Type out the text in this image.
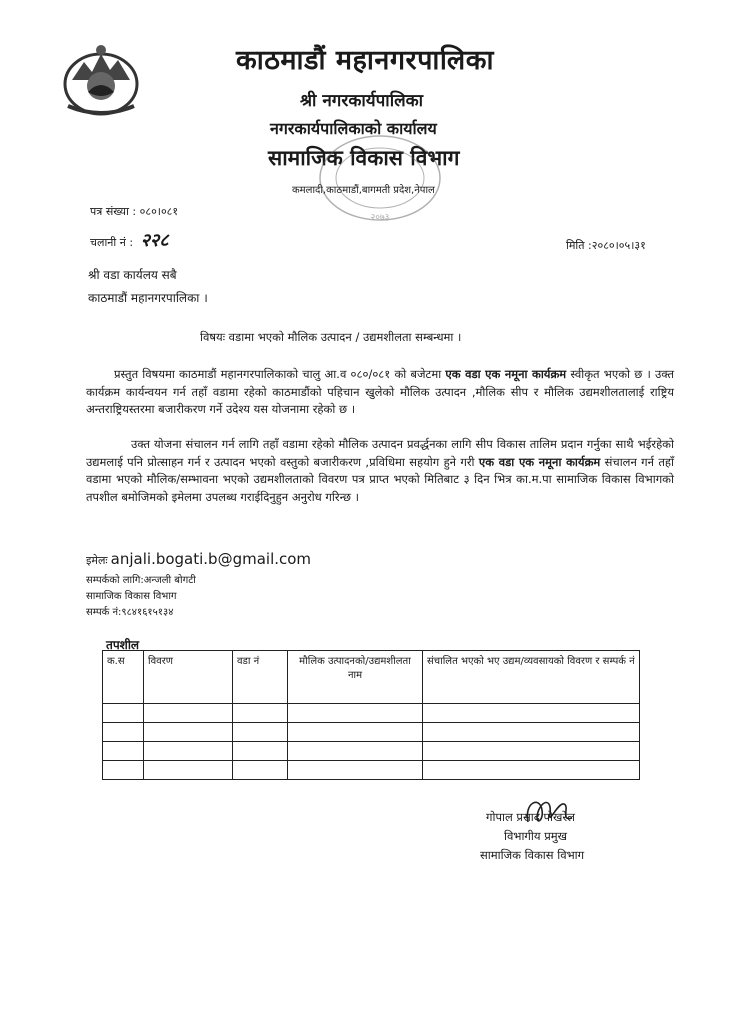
काठमाडौं महानगरपालिका
श्री नगरकार्यपालिका
नगरकार्यपालिकाको कार्यालय
सामाजिक विकास विभाग
कमलादी,काठमाडौं,बागमती प्रदेश,नेपाल
२०७३
पत्र संख्या : ०८०।०८१
चलानी नं : २२८	मिति :२०८०।०५।३१
श्री वडा कार्यलय सबै
काठमाडौं महानगरपालिका ।
विषयः वडामा भएको मौलिक उत्पादन / उद्यमशीलता सम्बन्धमा ।
प्रस्तुत विषयमा काठमाडौं महानगरपालिकाको चालु आ.व ०८०/०८१ को बजेटमा एक वडा एक नमूना कार्यक्रम स्वीकृत भएको छ । उक्त कार्यक्रम कार्यन्वयन गर्न तहाँ वडामा रहेको काठमाडौंको पहिचान खुलेको मौलिक उत्पादन ,मौलिक सीप र मौलिक उद्यमशीलतालाई राष्ट्रिय अन्तराष्ट्रियस्तरमा बजारीकरण गर्ने उदेश्य यस योजनामा रहेको छ ।
उक्त योजना संचालन गर्न लागि तहाँ वडामा रहेको मौलिक उत्पादन प्रवर्द्धनका लागि सीप विकास तालिम प्रदान गर्नुका साथै भईरहेको उद्यमलाई पनि प्रोत्साहन गर्न र उत्पादन भएको वस्तुको बजारीकरण ,प्रविधिमा सहयोग हुने गरी एक वडा एक नमूना कार्यक्रम संचालन गर्न तहाँ वडामा भएको मौलिक/सम्भावना भएको उद्यमशीलताको विवरण पत्र प्राप्त भएको मितिबाट ३ दिन भित्र का.म.पा सामाजिक विकास विभागको तपशील बमोजिमको इमेलमा उपलब्ध गराईदिनुहुन अनुरोध गरिन्छ ।
इमेलः anjali.bogati.b@gmail.com
सम्पर्कको लागि:अन्जली बोगटी
सामाजिक विकास विभाग
सम्पर्क नं:९८४१६१५१३४
तपशील
क.स	विवरण	वडा नं	मौलिक उत्पादनको/उद्यमशीलता नाम	संचालित भएको भए उद्यम/व्यवसायको विवरण र सम्पर्क नं

गोपाल प्रसाद पोखरेल
विभागीय प्रमुख
सामाजिक विकास विभाग
